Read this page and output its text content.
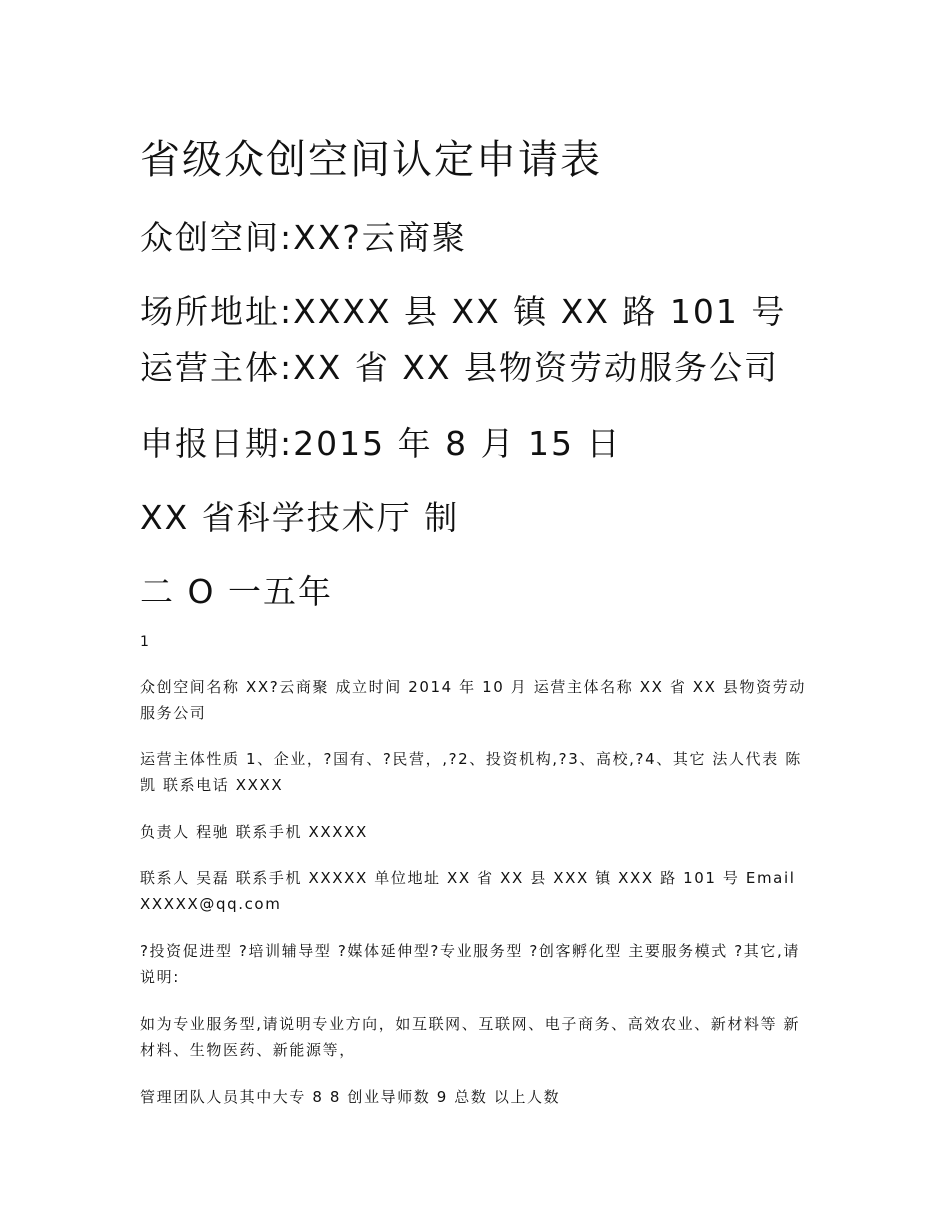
省级众创空间认定申请表

众创空间:XX?云商聚

场所地址:XXXX 县 XX 镇 XX 路 101 号

运营主体:XX 省 XX 县物资劳动服务公司

申报日期:2015 年 8 月 15 日

XX 省科学技术厅 制

二 O 一五年

1

众创空间名称 XX?云商聚 成立时间 2014 年 10 月 运营主体名称 XX 省 XX 县物资劳动服务公司

运营主体性质 1、企业，?国有、?民营，,?2、投资机构,?3、高校,?4、其它 法人代表 陈凯 联系电话 XXXX

负责人 程驰 联系手机 XXXXX

联系人 吴磊 联系手机 XXXXX 单位地址 XX 省 XX 县 XXX 镇 XXX 路 101 号 Email XXXXX@qq.com

?投资促进型 ?培训辅导型 ?媒体延伸型?专业服务型 ?创客孵化型 主要服务模式 ?其它,请说明:

如为专业服务型,请说明专业方向，如互联网、互联网、电子商务、高效农业、新材料等 新材料、生物医药、新能源等，

管理团队人员其中大专 8 8 创业导师数 9 总数 以上人数
